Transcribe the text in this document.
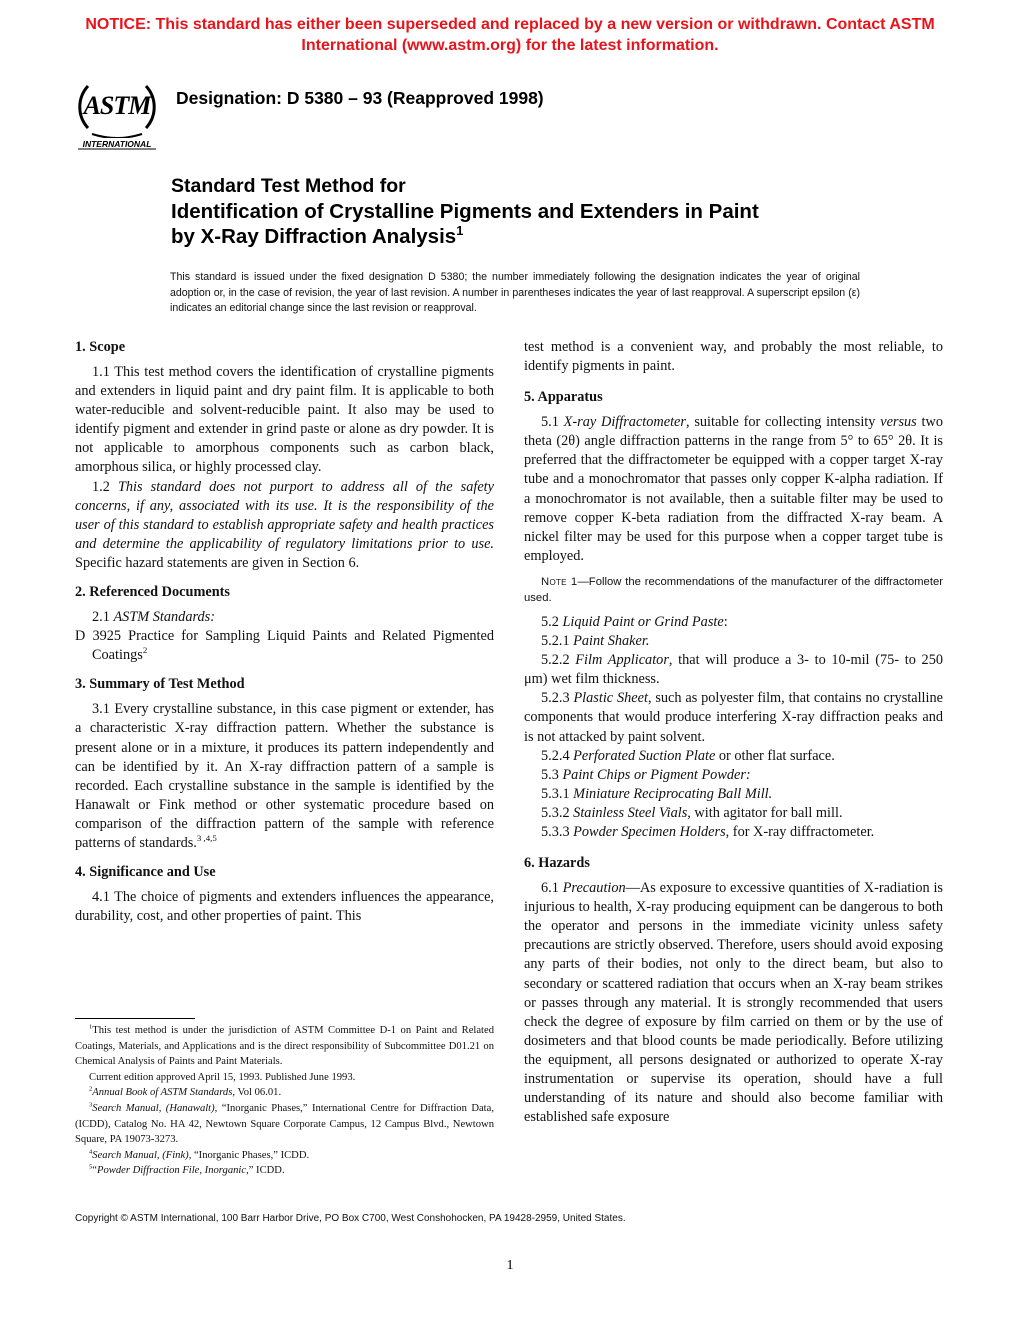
NOTICE: This standard has either been superseded and replaced by a new version or withdrawn. Contact ASTM
International (www.astm.org) for the latest information.
ASTM
INTERNATIONAL
Designation: D 5380 – 93 (Reapproved 1998)
Standard Test Method for
Identification of Crystalline Pigments and Extenders in Paint
by X-Ray Diffraction Analysis$^1$
This standard is issued under the fixed designation D 5380; the number immediately following the designation indicates the year of original adoption or, in the case of revision, the year of last revision. A number in parentheses indicates the year of last reapproval. A superscript epsilon (ε) indicates an editorial change since the last revision or reapproval.
1. Scope

1.1 This test method covers the identification of crystalline pigments and extenders in liquid paint and dry paint film. It is applicable to both water-reducible and solvent-reducible paint. It also may be used to identify pigment and extender in grind paste or alone as dry powder. It is not applicable to amorphous components such as carbon black, amorphous silica, or highly processed clay.

1.2 This standard does not purport to address all of the safety concerns, if any, associated with its use. It is the responsibility of the user of this standard to establish appropriate safety and health practices and determine the applicability of regulatory limitations prior to use. Specific hazard statements are given in Section 6.

2. Referenced Documents

2.1 ASTM Standards:

D 3925 Practice for Sampling Liquid Paints and Related Pigmented Coatings$^2$

3. Summary of Test Method

3.1 Every crystalline substance, in this case pigment or extender, has a characteristic X-ray diffraction pattern. Whether the substance is present alone or in a mixture, it produces its pattern independently and can be identified by it. An X-ray diffraction pattern of a sample is recorded. Each crystalline substance in the sample is identified by the Hanawalt or Fink method or other systematic procedure based on comparison of the diffraction pattern of the sample with reference patterns of standards.$^{3 ,4,5}$

4. Significance and Use

4.1 The choice of pigments and extenders influences the appearance, durability, cost, and other properties of paint. This

$^1$This test method is under the jurisdiction of ASTM Committee D-1 on Paint and Related Coatings, Materials, and Applications and is the direct responsibility of Subcommittee D01.21 on Chemical Analysis of Paints and Paint Materials.

Current edition approved April 15, 1993. Published June 1993.

$^2$Annual Book of ASTM Standards, Vol 06.01.

$^3$Search Manual, (Hanawalt), “Inorganic Phases,” International Centre for Diffraction Data, (ICDD), Catalog No. HA 42, Newtown Square Corporate Campus, 12 Campus Blvd., Newtown Square, PA 19073-3273.

$^4$Search Manual, (Fink), “Inorganic Phases,” ICDD.

$^5$“Powder Diffraction File, Inorganic,” ICDD.

test method is a convenient way, and probably the most reliable, to identify pigments in paint.

5. Apparatus

5.1 X-ray Diffractometer, suitable for collecting intensity versus two theta (2θ) angle diffraction patterns in the range from 5° to 65° 2θ. It is preferred that the diffractometer be equipped with a copper target X-ray tube and a monochromator that passes only copper K-alpha radiation. If a monochromator is not available, then a suitable filter may be used to remove copper K-beta radiation from the diffracted X-ray beam. A nickel filter may be used for this purpose when a copper target tube is employed.

Note 1—Follow the recommendations of the manufacturer of the diffractometer used.

5.2 Liquid Paint or Grind Paste:

5.2.1 Paint Shaker.

5.2.2 Film Applicator, that will produce a 3- to 10-mil (75- to 250 μm) wet film thickness.

5.2.3 Plastic Sheet, such as polyester film, that contains no crystalline components that would produce interfering X-ray diffraction peaks and is not attacked by paint solvent.

5.2.4 Perforated Suction Plate or other flat surface.

5.3 Paint Chips or Pigment Powder:

5.3.1 Miniature Reciprocating Ball Mill.

5.3.2 Stainless Steel Vials, with agitator for ball mill.

5.3.3 Powder Specimen Holders, for X-ray diffractometer.

6. Hazards

6.1 Precaution—As exposure to excessive quantities of X-radiation is injurious to health, X-ray producing equipment can be dangerous to both the operator and persons in the immediate vicinity unless safety precautions are strictly observed. Therefore, users should avoid exposing any parts of their bodies, not only to the direct beam, but also to secondary or scattered radiation that occurs when an X-ray beam strikes or passes through any material. It is strongly recommended that users check the degree of exposure by film carried on them or by the use of dosimeters and that blood counts be made periodically. Before utilizing the equipment, all persons designated or authorized to operate X-ray instrumentation or supervise its operation, should have a full understanding of its nature and should also become familiar with established safe exposure

Copyright © ASTM International, 100 Barr Harbor Drive, PO Box C700, West Conshohocken, PA 19428-2959, United States.
1
